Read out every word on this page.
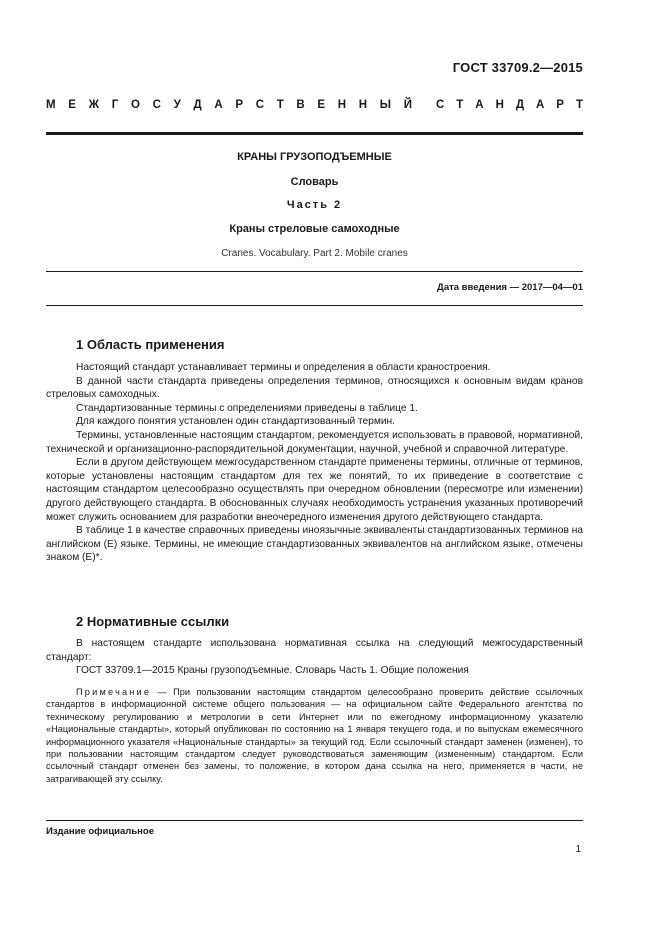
ГОСТ 33709.2—2015
М Е Ж Г О С У Д А Р С Т В Е Н Н Ы Й С Т А Н Д А Р Т
КРАНЫ ГРУЗОПОДЪЕМНЫЕ
Словарь
Часть 2
Краны стреловые самоходные
Cranes. Vocabulary. Part 2. Mobile cranes
Дата введения — 2017—04—01
1 Область применения

Настоящий стандарт устанавливает термины и определения в области краностроения.

В данной части стандарта приведены определения терминов, относящихся к основным видам кранов стреловых самоходных.

Стандартизованные термины с определениями приведены в таблице 1.

Для каждого понятия установлен один стандартизованный термин.

Термины, установленные настоящим стандартом, рекомендуется использовать в правовой, нормативной, технической и организационно-распорядительной документации, научной, учебной и справочной литературе.

Если в другом действующем межгосударственном стандарте применены термины, отличные от терминов, которые установлены настоящим стандартом для тех же понятий, то их приведение в соответствие с настоящим стандартом целесообразно осуществлять при очередном обновлении (пересмотре или изменении) другого действующего стандарта. В обоснованных случаях необходимость устранения указанных противоречий может служить основанием для разработки внеочередного изменения другого действующего стандарта.

В таблице 1 в качестве справочных приведены иноязычные эквиваленты стандартизованных терминов на английском (Е) языке. Термины, не имеющие стандартизованных эквивалентов на английском языке, отмечены знаком (Е)*.

2 Нормативные ссылки

В настоящем стандарте использована нормативная ссылка на следующий межгосударственный стандарт:

ГОСТ 33709.1—2015 Краны грузоподъемные. Словарь Часть 1. Общие положения

Примечание — При пользовании настоящим стандартом целесообразно проверить действие ссылочных стандартов в информационной системе общего пользования — на официальном сайте Федерального агентства по техническому регулированию и метрологии в сети Интернет или по ежегодному информационному указателю «Национальные стандарты», который опубликован по состоянию на 1 января текущего года, и по выпускам ежемесячного информационного указателя «Национальные стандарты» за текущий год. Если ссылочный стандарт заменен (изменен), то при пользовании настоящим стандартом следует руководствоваться заменяющим (измененным) стандартом. Если ссылочный стандарт отменен без замены, то положение, в котором дана ссылка на него, применяется в части, не затрагивающей эту ссылку.

Издание официальное
1
